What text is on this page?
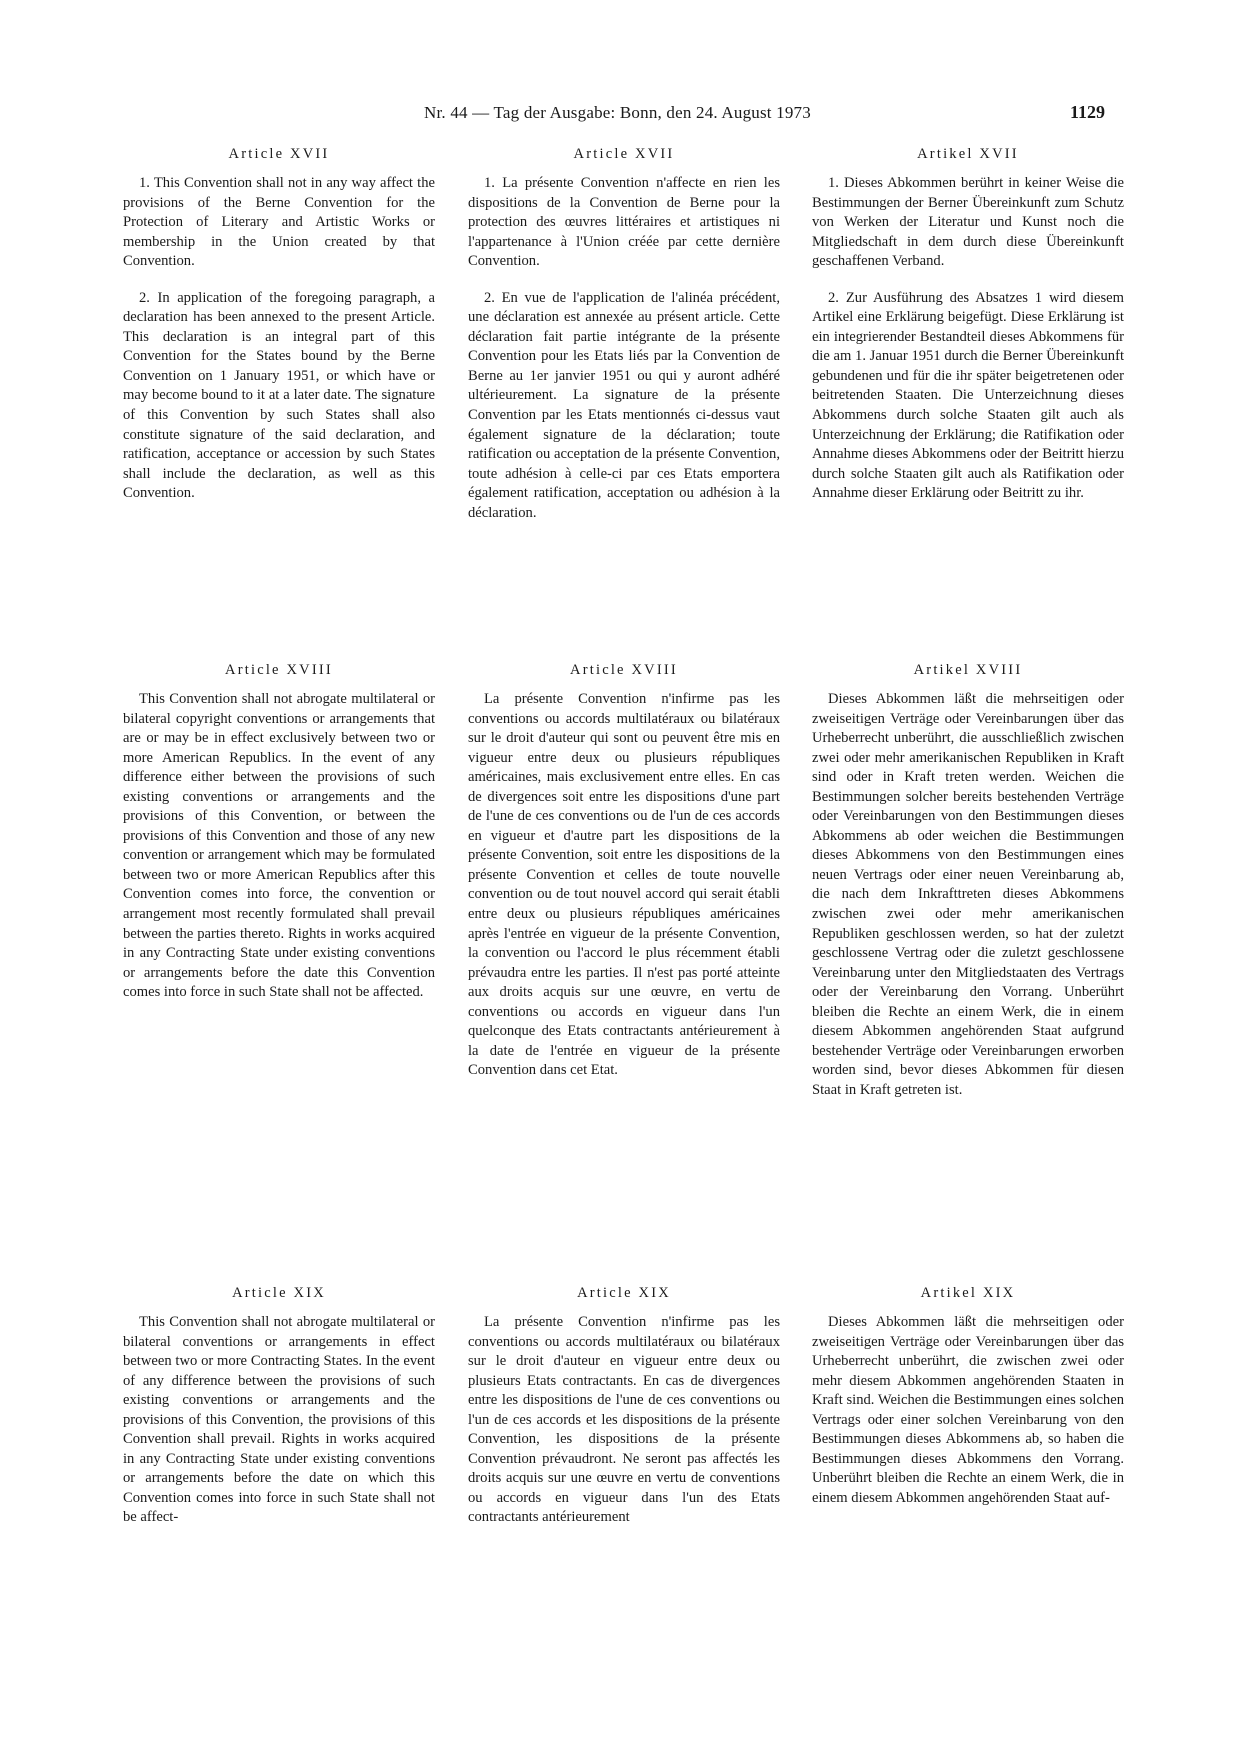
Nr. 44 — Tag der Ausgabe: Bonn, den 24. August 1973	1129
Article XVII

1. This Convention shall not in any way affect the provisions of the Berne Convention for the Protection of Literary and Artistic Works or membership in the Union created by that Convention.

2. In application of the foregoing paragraph, a declaration has been annexed to the present Article. This declaration is an integral part of this Convention for the States bound by the Berne Convention on 1 January 1951, or which have or may become bound to it at a later date. The signature of this Convention by such States shall also constitute signature of the said declaration, and ratification, acceptance or accession by such States shall include the declaration, as well as this Convention.

Article XVIII

This Convention shall not abrogate multilateral or bilateral copyright conventions or arrangements that are or may be in effect exclusively between two or more American Republics. In the event of any difference either between the provisions of such existing conventions or arrangements and the provisions of this Convention, or between the provisions of this Convention and those of any new convention or arrangement which may be formulated between two or more American Republics after this Convention comes into force, the convention or arrangement most recently formulated shall prevail between the parties thereto. Rights in works acquired in any Contracting State under existing conventions or arrangements before the date this Convention comes into force in such State shall not be affected.

Article XIX

This Convention shall not abrogate multilateral or bilateral conventions or arrangements in effect between two or more Contracting States. In the event of any difference between the provisions of such existing conventions or arrangements and the provisions of this Convention, the provisions of this Convention shall prevail. Rights in works acquired in any Contracting State under existing conventions or arrangements before the date on which this Convention comes into force in such State shall not be affect-

Article XVII

1. La présente Convention n'affecte en rien les dispositions de la Convention de Berne pour la protection des œuvres littéraires et artistiques ni l'appartenance à l'Union créée par cette dernière Convention.

2. En vue de l'application de l'alinéa précédent, une déclaration est annexée au présent article. Cette déclaration fait partie intégrante de la présente Convention pour les Etats liés par la Convention de Berne au 1er janvier 1951 ou qui y auront adhéré ultérieurement. La signature de la présente Convention par les Etats mentionnés ci-dessus vaut également signature de la déclaration; toute ratification ou acceptation de la présente Convention, toute adhésion à celle-ci par ces Etats emportera également ratification, acceptation ou adhésion à la déclaration.

Article XVIII

La présente Convention n'infirme pas les conventions ou accords multilatéraux ou bilatéraux sur le droit d'auteur qui sont ou peuvent être mis en vigueur entre deux ou plusieurs républiques américaines, mais exclusivement entre elles. En cas de divergences soit entre les dispositions d'une part de l'une de ces conventions ou de l'un de ces accords en vigueur et d'autre part les dispositions de la présente Convention, soit entre les dispositions de la présente Convention et celles de toute nouvelle convention ou de tout nouvel accord qui serait établi entre deux ou plusieurs républiques américaines après l'entrée en vigueur de la présente Convention, la convention ou l'accord le plus récemment établi prévaudra entre les parties. Il n'est pas porté atteinte aux droits acquis sur une œuvre, en vertu de conventions ou accords en vigueur dans l'un quelconque des Etats contractants antérieurement à la date de l'entrée en vigueur de la présente Convention dans cet Etat.

Article XIX

La présente Convention n'infirme pas les conventions ou accords multilatéraux ou bilatéraux sur le droit d'auteur en vigueur entre deux ou plusieurs Etats contractants. En cas de divergences entre les dispositions de l'une de ces conventions ou l'un de ces accords et les dispositions de la présente Convention, les dispositions de la présente Convention prévaudront. Ne seront pas affectés les droits acquis sur une œuvre en vertu de conventions ou accords en vigueur dans l'un des Etats contractants antérieurement

Artikel XVII

1. Dieses Abkommen berührt in keiner Weise die Bestimmungen der Berner Übereinkunft zum Schutz von Werken der Literatur und Kunst noch die Mitgliedschaft in dem durch diese Übereinkunft geschaffenen Verband.

2. Zur Ausführung des Absatzes 1 wird diesem Artikel eine Erklärung beigefügt. Diese Erklärung ist ein integrierender Bestandteil dieses Abkommens für die am 1. Januar 1951 durch die Berner Übereinkunft gebundenen und für die ihr später beigetretenen oder beitretenden Staaten. Die Unterzeichnung dieses Abkommens durch solche Staaten gilt auch als Unterzeichnung der Erklärung; die Ratifikation oder Annahme dieses Abkommens oder der Beitritt hierzu durch solche Staaten gilt auch als Ratifikation oder Annahme dieser Erklärung oder Beitritt zu ihr.

Artikel XVIII

Dieses Abkommen läßt die mehrseitigen oder zweiseitigen Verträge oder Vereinbarungen über das Urheberrecht unberührt, die ausschließlich zwischen zwei oder mehr amerikanischen Republiken in Kraft sind oder in Kraft treten werden. Weichen die Bestimmungen solcher bereits bestehenden Verträge oder Vereinbarungen von den Bestimmungen dieses Abkommens ab oder weichen die Bestimmungen dieses Abkommens von den Bestimmungen eines neuen Vertrags oder einer neuen Vereinbarung ab, die nach dem Inkrafttreten dieses Abkommens zwischen zwei oder mehr amerikanischen Republiken geschlossen werden, so hat der zuletzt geschlossene Vertrag oder die zuletzt geschlossene Vereinbarung unter den Mitgliedstaaten des Vertrags oder der Vereinbarung den Vorrang. Unberührt bleiben die Rechte an einem Werk, die in einem diesem Abkommen angehörenden Staat aufgrund bestehender Verträge oder Vereinbarungen erworben worden sind, bevor dieses Abkommen für diesen Staat in Kraft getreten ist.

Artikel XIX

Dieses Abkommen läßt die mehrseitigen oder zweiseitigen Verträge oder Vereinbarungen über das Urheberrecht unberührt, die zwischen zwei oder mehr diesem Abkommen angehörenden Staaten in Kraft sind. Weichen die Bestimmungen eines solchen Vertrags oder einer solchen Vereinbarung von den Bestimmungen dieses Abkommens ab, so haben die Bestimmungen dieses Abkommens den Vorrang. Unberührt bleiben die Rechte an einem Werk, die in einem diesem Abkommen angehörenden Staat auf-
